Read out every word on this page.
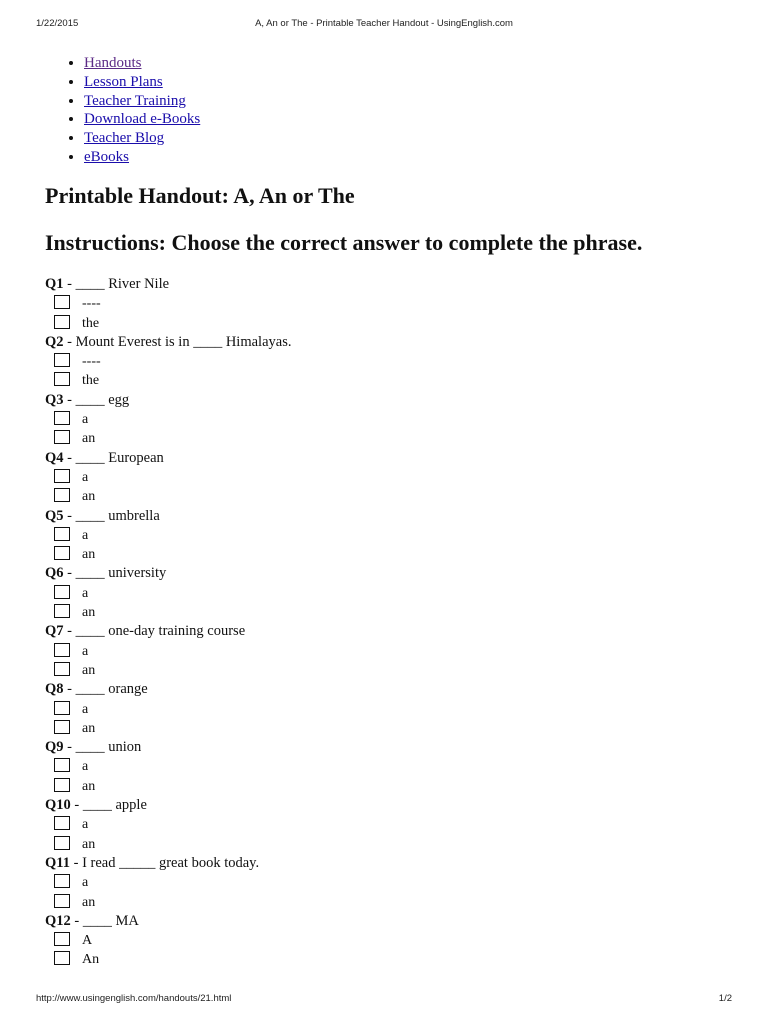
1/22/2015	A, An or The - Printable Teacher Handout - UsingEnglish.com
• Handouts
• Lesson Plans
• Teacher Training
• Download e-Books
• Teacher Blog
• eBooks
Printable Handout: A, An or The
Instructions: Choose the correct answer to complete the phrase.
Q1 - ____ River Nile
----
the
Q2 - Mount Everest is in ____ Himalayas.
----
the
Q3 - ____ egg
a
an
Q4 - ____ European
a
an
Q5 - ____ umbrella
a
an
Q6 - ____ university
a
an
Q7 - ____ one-day training course
a
an
Q8 - ____ orange
a
an
Q9 - ____ union
a
an
Q10 - ____ apple
a
an
Q11 - I read _____ great book today.
a
an
Q12 - ____ MA
A
An
http://www.usingenglish.com/handouts/21.html	1/2
